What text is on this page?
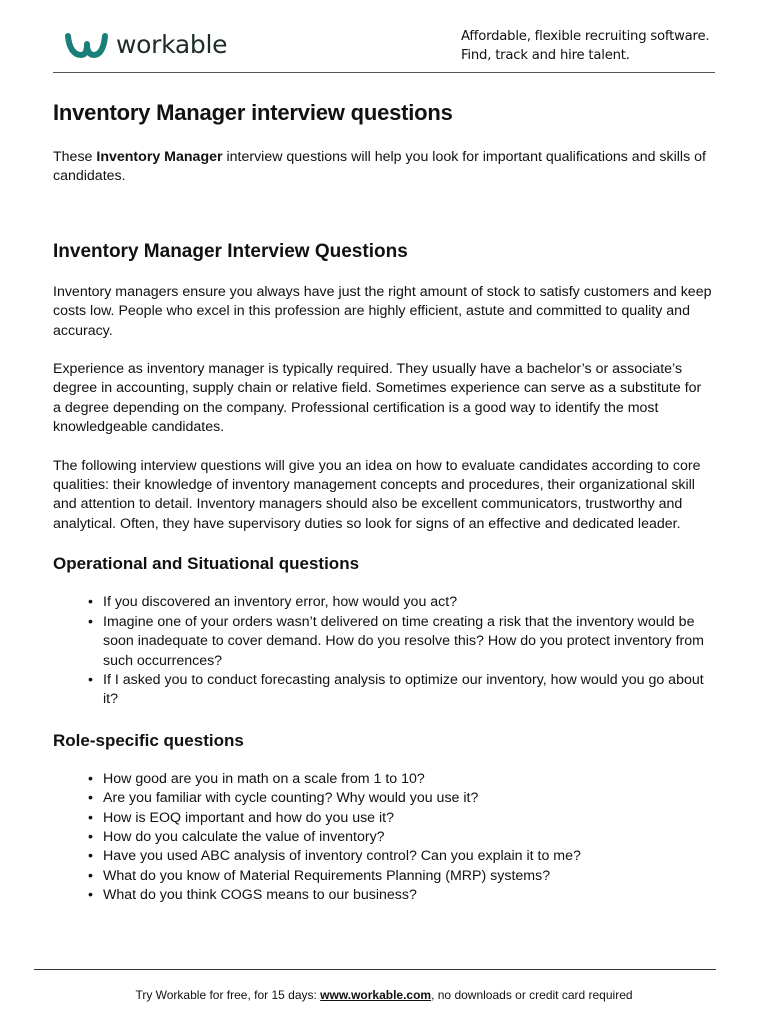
workable	Affordable, flexible recruiting software.
Find, track and hire talent.
Inventory Manager interview questions

These Inventory Manager interview questions will help you look for important qualifications and skills of candidates.

Inventory Manager Interview Questions

Inventory managers ensure you always have just the right amount of stock to satisfy customers and keep costs low. People who excel in this profession are highly efficient, astute and committed to quality and accuracy.

Experience as inventory manager is typically required. They usually have a bachelor’s or associate’s degree in accounting, supply chain or relative field. Sometimes experience can serve as a substitute for a degree depending on the company. Professional certification is a good way to identify the most knowledgeable candidates.

The following interview questions will give you an idea on how to evaluate candidates according to core qualities: their knowledge of inventory management concepts and procedures, their organizational skill and attention to detail. Inventory managers should also be excellent communicators, trustworthy and analytical. Often, they have supervisory duties so look for signs of an effective and dedicated leader.

Operational and Situational questions
• If you discovered an inventory error, how would you act?
• Imagine one of your orders wasn’t delivered on time creating a risk that the inventory would be soon inadequate to cover demand. How do you resolve this? How do you protect inventory from such occurrences?
• If I asked you to conduct forecasting analysis to optimize our inventory, how would you go about it?
Role-specific questions
• How good are you in math on a scale from 1 to 10?
• Are you familiar with cycle counting? Why would you use it?
• How is EOQ important and how do you use it?
• How do you calculate the value of inventory?
• Have you used ABC analysis of inventory control? Can you explain it to me?
• What do you know of Material Requirements Planning (MRP) systems?
• What do you think COGS means to our business?
Try Workable for free, for 15 days: www.workable.com, no downloads or credit card required
